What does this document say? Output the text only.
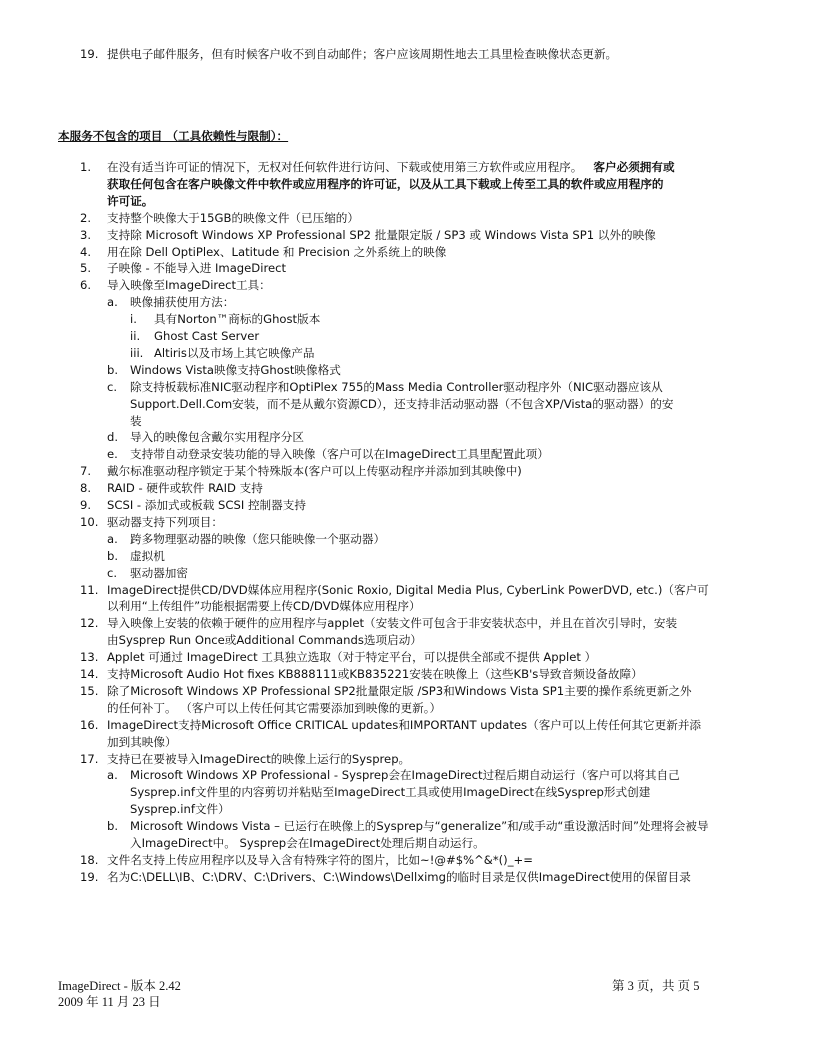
19. 提供电子邮件服务，但有时候客户收不到自动邮件；客户应该周期性地去工具里检查映像状态更新。
本服务不包含的项目 （工具依赖性与限制）：
1. 在没有适当许可证的情况下，无权对任何软件进行访问、下载或使用第三方软件或应用程序。   客户必须拥有或
获取任何包含在客户映像文件中软件或应用程序的许可证，以及从工具下载或上传至工具的软件或应用程序的
许可证。
2. 支持整个映像大于15GB的映像文件（已压缩的）
3. 支持除 Microsoft Windows XP Professional SP2 批量限定版 / SP3 或 Windows Vista SP1 以外的映像
4. 用在除 Dell OptiPlex、Latitude 和 Precision 之外系统上的映像
5. 子映像 - 不能导入进 ImageDirect
6. 导入映像至ImageDirect工具：
a. 映像捕获使用方法：
i. 具有Norton™商标的Ghost版本
ii. Ghost Cast Server
iii. Altiris以及市场上其它映像产品
b. Windows Vista映像支持Ghost映像格式
c. 除支持板载标准NIC驱动程序和OptiPlex 755的Mass Media Controller驱动程序外（NIC驱动器应该从
Support.Dell.Com安装，而不是从戴尔资源CD），还支持非活动驱动器（不包含XP/Vista的驱动器）的安
装
d. 导入的映像包含戴尔实用程序分区
e. 支持带自动登录安装功能的导入映像（客户可以在ImageDirect工具里配置此项）
7. 戴尔标准驱动程序锁定于某个特殊版本(客户可以上传驱动程序并添加到其映像中)
8. RAID - 硬件或软件 RAID 支持
9. SCSI - 添加式或板载 SCSI 控制器支持
10. 驱动器支持下列项目：
a. 跨多物理驱动器的映像（您只能映像一个驱动器）
b. 虚拟机
c. 驱动器加密
11. ImageDirect提供CD/DVD媒体应用程序(Sonic Roxio, Digital Media Plus, CyberLink PowerDVD, etc.)（客户可
以利用“上传组件”功能根据需要上传CD/DVD媒体应用程序）
12. 导入映像上安装的依赖于硬件的应用程序与applet（安装文件可包含于非安装状态中，并且在首次引导时，安装
由Sysprep Run Once或Additional Commands选项启动）
13. Applet 可通过 ImageDirect 工具独立选取（对于特定平台，可以提供全部或不提供 Applet ）
14. 支持Microsoft Audio Hot fixes KB888111或KB835221安装在映像上（这些KB's导致音频设备故障）
15. 除了Microsoft Windows XP Professional SP2批量限定版 /SP3和Windows Vista SP1主要的操作系统更新之外
的任何补丁。 （客户可以上传任何其它需要添加到映像的更新。）
16. ImageDirect支持Microsoft Office CRITICAL updates和IMPORTANT updates（客户可以上传任何其它更新并添
加到其映像）
17. 支持已在要被导入ImageDirect的映像上运行的Sysprep。
a. Microsoft Windows XP Professional - Sysprep会在ImageDirect过程后期自动运行（客户可以将其自己
Sysprep.inf文件里的内容剪切并粘贴至ImageDirect工具或使用ImageDirect在线Sysprep形式创建
Sysprep.inf文件）
b. Microsoft Windows Vista – 已运行在映像上的Sysprep与“generalize”和/或手动“重设激活时间”处理将会被导
入ImageDirect中。 Sysprep会在ImageDirect处理后期自动运行。
18. 文件名支持上传应用程序以及导入含有特殊字符的图片，比如~!@#$%^&*()_+=
19. 名为C:\DELL\IB、C:\DRV、C:\Drivers、C:\Windows\Dellximg的临时目录是仅供ImageDirect使用的保留目录
ImageDirect - 版本 2.42
2009 年 11 月 23 日
第 3 页，共 页 5
